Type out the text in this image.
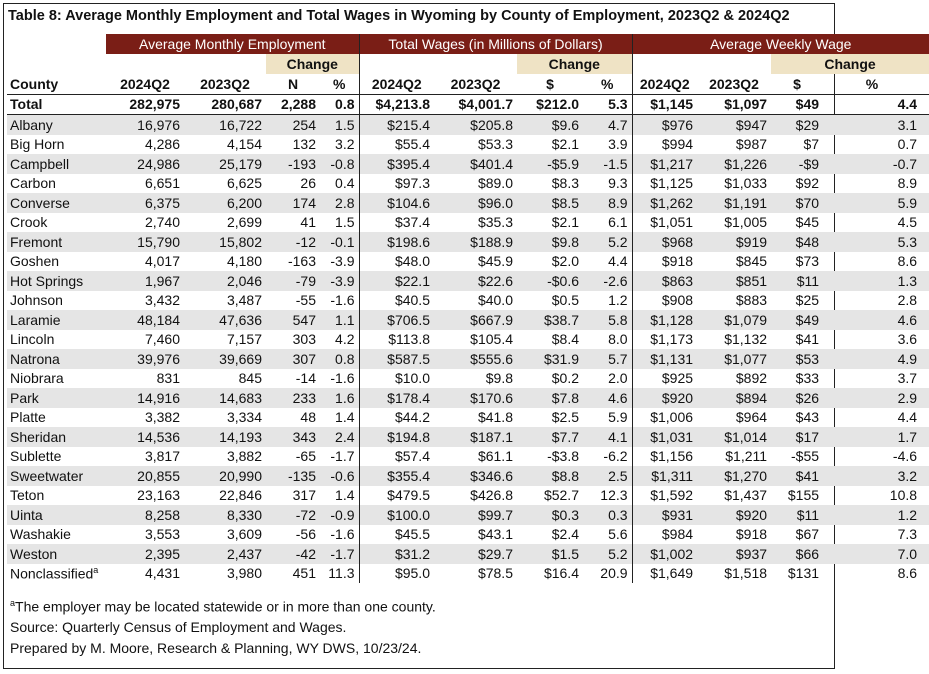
Table 8: Average Monthly Employment and Total Wages in Wyoming by County of Employment, 2023Q2 & 2024Q2
	Average Monthly Employment				Total Wages (in Millions of Dollars)				Average Weekly Wage			
			Change				Change				Change	
County	2024Q2	2023Q2	N	%	2024Q2	2023Q2	$	%	2024Q2	2023Q2	$	%
Total	282,975	280,687	2,288	0.8	$4,213.8	$4,001.7	$212.0	5.3	$1,145	$1,097	$49	4.4
Albany	16,976	16,722	254	1.5	$215.4	$205.8	$9.6	4.7	$976	$947	$29	3.1
Big Horn	4,286	4,154	132	3.2	$55.4	$53.3	$2.1	3.9	$994	$987	$7	0.7
Campbell	24,986	25,179	-193	-0.8	$395.4	$401.4	-$5.9	-1.5	$1,217	$1,226	-$9	-0.7
Carbon	6,651	6,625	26	0.4	$97.3	$89.0	$8.3	9.3	$1,125	$1,033	$92	8.9
Converse	6,375	6,200	174	2.8	$104.6	$96.0	$8.5	8.9	$1,262	$1,191	$70	5.9
Crook	2,740	2,699	41	1.5	$37.4	$35.3	$2.1	6.1	$1,051	$1,005	$45	4.5
Fremont	15,790	15,802	-12	-0.1	$198.6	$188.9	$9.8	5.2	$968	$919	$48	5.3
Goshen	4,017	4,180	-163	-3.9	$48.0	$45.9	$2.0	4.4	$918	$845	$73	8.6
Hot Springs	1,967	2,046	-79	-3.9	$22.1	$22.6	-$0.6	-2.6	$863	$851	$11	1.3
Johnson	3,432	3,487	-55	-1.6	$40.5	$40.0	$0.5	1.2	$908	$883	$25	2.8
Laramie	48,184	47,636	547	1.1	$706.5	$667.9	$38.7	5.8	$1,128	$1,079	$49	4.6
Lincoln	7,460	7,157	303	4.2	$113.8	$105.4	$8.4	8.0	$1,173	$1,132	$41	3.6
Natrona	39,976	39,669	307	0.8	$587.5	$555.6	$31.9	5.7	$1,131	$1,077	$53	4.9
Niobrara	831	845	-14	-1.6	$10.0	$9.8	$0.2	2.0	$925	$892	$33	3.7
Park	14,916	14,683	233	1.6	$178.4	$170.6	$7.8	4.6	$920	$894	$26	2.9
Platte	3,382	3,334	48	1.4	$44.2	$41.8	$2.5	5.9	$1,006	$964	$43	4.4
Sheridan	14,536	14,193	343	2.4	$194.8	$187.1	$7.7	4.1	$1,031	$1,014	$17	1.7
Sublette	3,817	3,882	-65	-1.7	$57.4	$61.1	-$3.8	-6.2	$1,156	$1,211	-$55	-4.6
Sweetwater	20,855	20,990	-135	-0.6	$355.4	$346.6	$8.8	2.5	$1,311	$1,270	$41	3.2
Teton	23,163	22,846	317	1.4	$479.5	$426.8	$52.7	12.3	$1,592	$1,437	$155	10.8
Uinta	8,258	8,330	-72	-0.9	$100.0	$99.7	$0.3	0.3	$931	$920	$11	1.2
Washakie	3,553	3,609	-56	-1.6	$45.5	$43.1	$2.4	5.6	$984	$918	$67	7.3
Weston	2,395	2,437	-42	-1.7	$31.2	$29.7	$1.5	5.2	$1,002	$937	$66	7.0
Nonclassified$^a$	4,431	3,980	451	11.3	$95.0	$78.5	$16.4	20.9	$1,649	$1,518	$131	8.6
$^a$The employer may be located statewide or in more than one county.
Source: Quarterly Census of Employment and Wages.
Prepared by M. Moore, Research & Planning, WY DWS, 10/23/24.
